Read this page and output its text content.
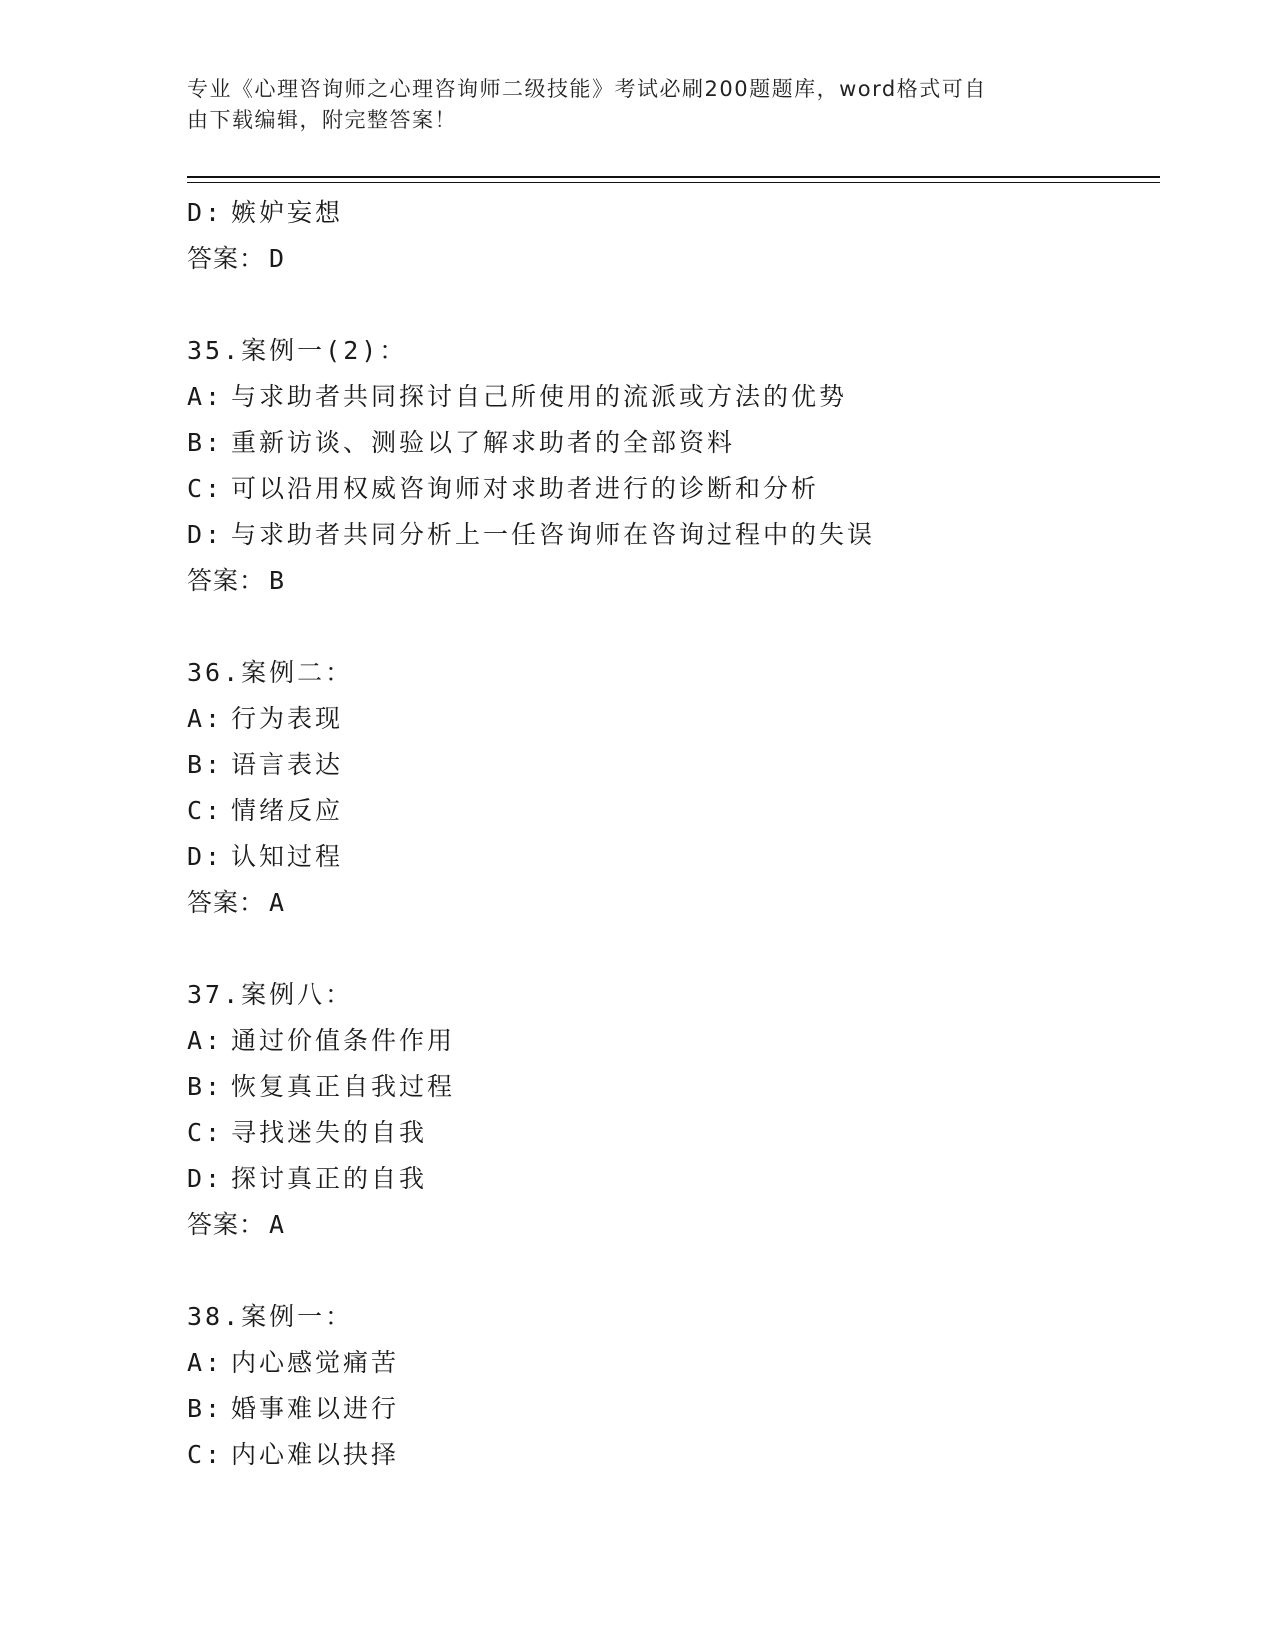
专业《心理咨询师之心理咨询师二级技能》考试必刷200题题库，word格式可自
由下载编辑，附完整答案！
D: 嫉妒妄想
答案： D
35.案例一(2)：
A: 与求助者共同探讨自己所使用的流派或方法的优势
B: 重新访谈、测验以了解求助者的全部资料
C: 可以沿用权威咨询师对求助者进行的诊断和分析
D: 与求助者共同分析上一任咨询师在咨询过程中的失误
答案： B
36.案例二：
A: 行为表现
B: 语言表达
C: 情绪反应
D: 认知过程
答案： A
37.案例八：
A: 通过价值条件作用
B: 恢复真正自我过程
C: 寻找迷失的自我
D: 探讨真正的自我
答案： A
38.案例一：
A: 内心感觉痛苦
B: 婚事难以进行
C: 内心难以抉择
